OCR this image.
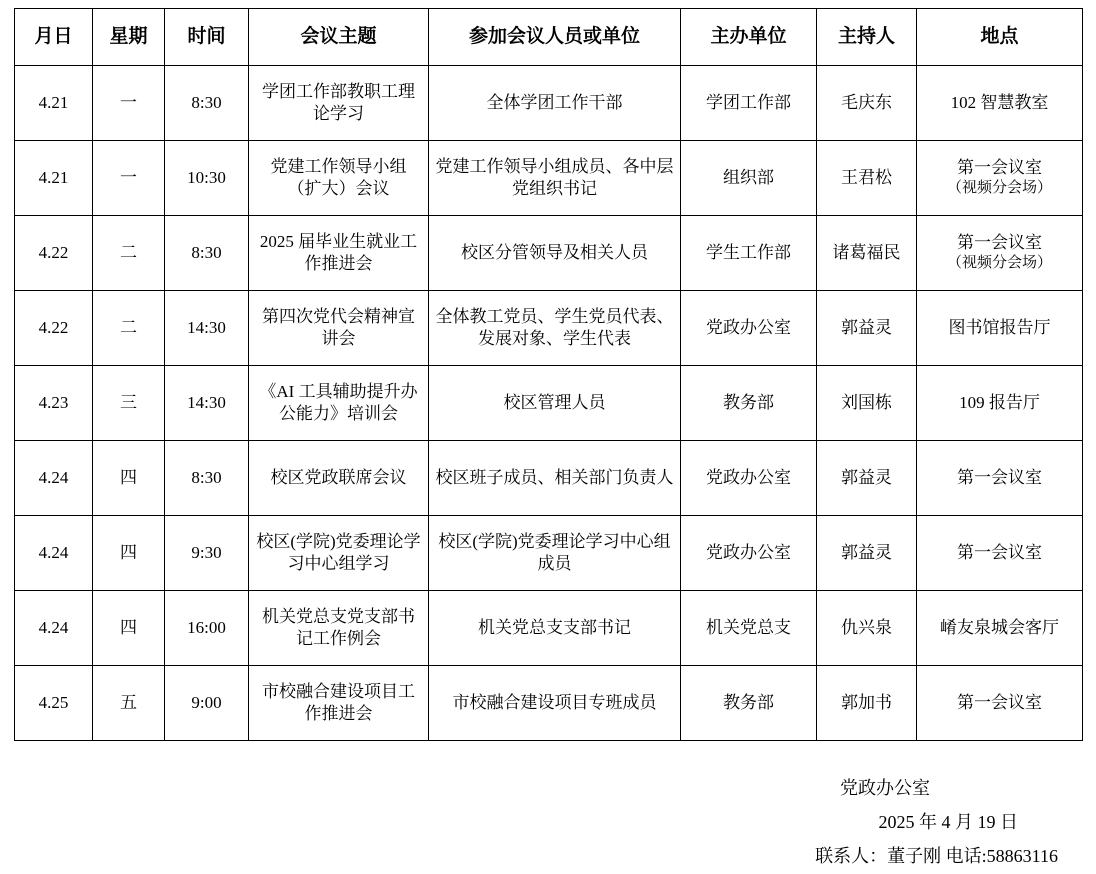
月日	星期	时间	会议主题	参加会议人员或单位	主办单位	主持人	地点
4.21	一	8:30	学团工作部教职工理论学习	全体学团工作干部	学团工作部	毛庆东	102 智慧教室
4.21	一	10:30	党建工作领导小组（扩大）会议	党建工作领导小组成员、各中层党组织书记	组织部	王君松	第一会议室
（视频分会场）

4.22	二	8:30	2025 届毕业生就业工作推进会	校区分管领导及相关人员	学生工作部	诸葛福民	第一会议室
（视频分会场）

4.22	二	14:30	第四次党代会精神宣讲会	全体教工党员、学生党员代表、发展对象、学生代表	党政办公室	郭益灵	图书馆报告厅
4.23	三	14:30	《AI 工具辅助提升办公能力》培训会	校区管理人员	教务部	刘国栋	109 报告厅
4.24	四	8:30	校区党政联席会议	校区班子成员、相关部门负责人	党政办公室	郭益灵	第一会议室
4.24	四	9:30	校区(学院)党委理论学习中心组学习	校区(学院)党委理论学习中心组成员	党政办公室	郭益灵	第一会议室
4.24	四	16:00	机关党总支党支部书记工作例会	机关党总支支部书记	机关党总支	仇兴泉	崤友泉城会客厅
4.25	五	9:00	市校融合建设项目工作推进会	市校融合建设项目专班成员	教务部	郭加书	第一会议室
党政办公室
2025 年 4 月 19 日
联系人：董子刚 电话:58863116
